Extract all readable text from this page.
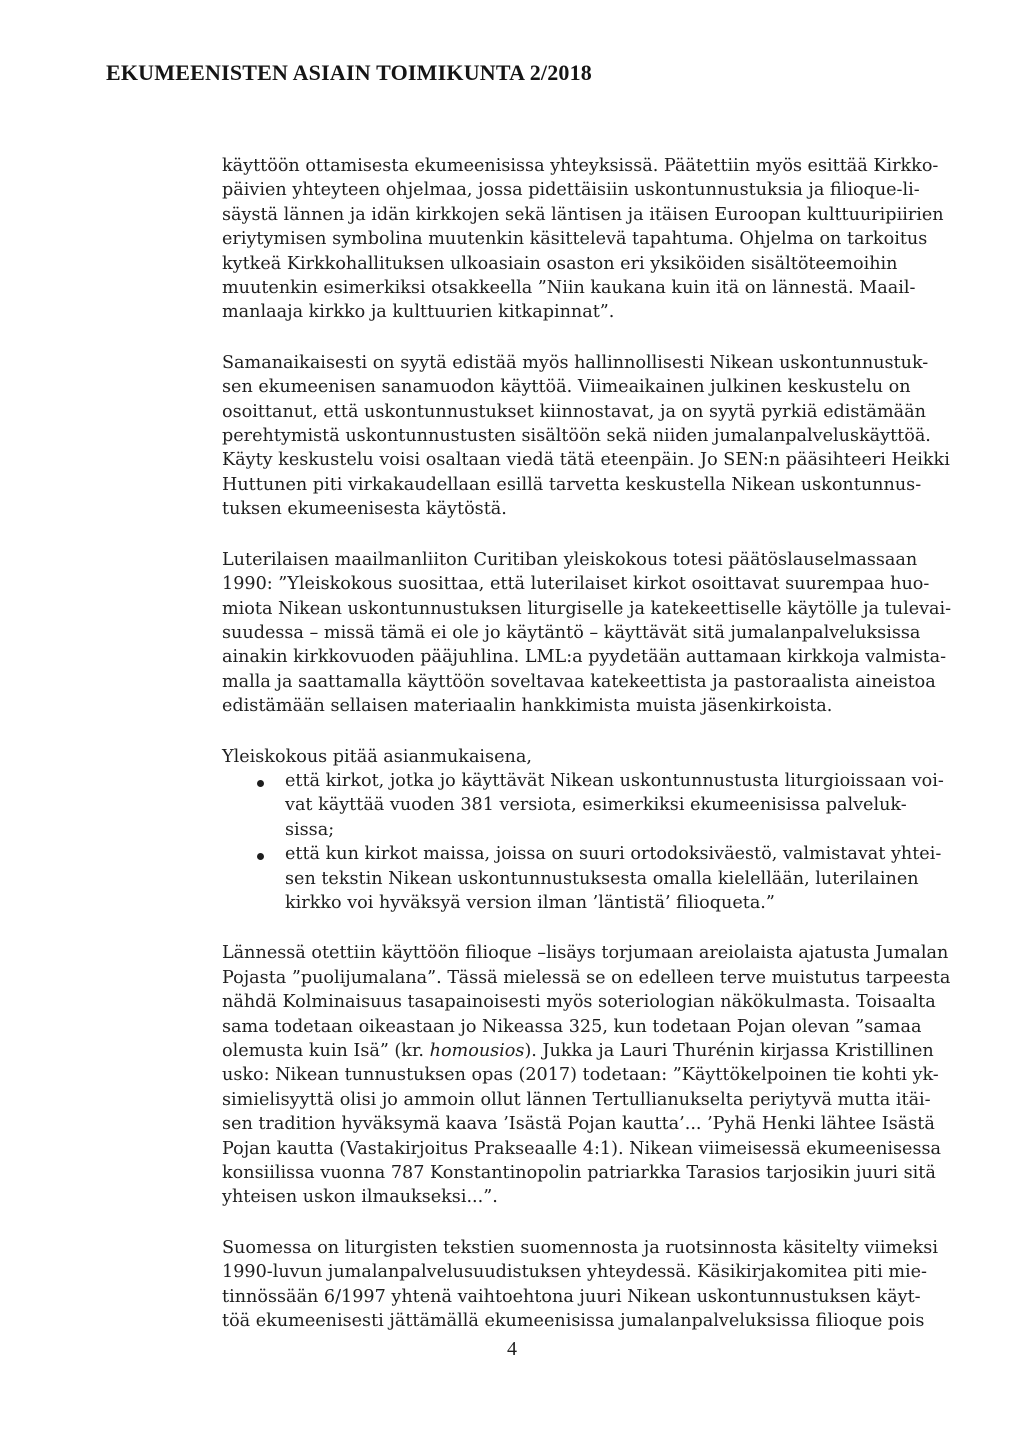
EKUMEENISTEN ASIAIN TOIMIKUNTA 2/2018
käyttöön ottamisesta ekumeenisissa yhteyksissä. Päätettiin myös esittää Kirkko-
päivien yhteyteen ohjelmaa, jossa pidettäisiin uskontunnustuksia ja filioque-li-
säystä lännen ja idän kirkkojen sekä läntisen ja itäisen Euroopan kulttuuripiirien
eriytymisen symbolina muutenkin käsittelevä tapahtuma. Ohjelma on tarkoitus
kytkeä Kirkkohallituksen ulkoasiain osaston eri yksiköiden sisältöteemoihin
muutenkin esimerkiksi otsakkeella ”Niin kaukana kuin itä on lännestä. Maail-
manlaaja kirkko ja kulttuurien kitkapinnat”.
Samanaikaisesti on syytä edistää myös hallinnollisesti Nikean uskontunnustuk-
sen ekumeenisen sanamuodon käyttöä. Viimeaikainen julkinen keskustelu on
osoittanut, että uskontunnustukset kiinnostavat, ja on syytä pyrkiä edistämään
perehtymistä uskontunnustusten sisältöön sekä niiden jumalanpalveluskäyttöä.
Käyty keskustelu voisi osaltaan viedä tätä eteenpäin. Jo SEN:n pääsihteeri Heikki
Huttunen piti virkakaudellaan esillä tarvetta keskustella Nikean uskontunnus-
tuksen ekumeenisesta käytöstä.
Luterilaisen maailmanliiton Curitiban yleiskokous totesi päätöslauselmassaan
1990: ”Yleiskokous suosittaa, että luterilaiset kirkot osoittavat suurempaa huo-
miota Nikean uskontunnustuksen liturgiselle ja katekeettiselle käytölle ja tulevai-
suudessa – missä tämä ei ole jo käytäntö – käyttävät sitä jumalanpalveluksissa
ainakin kirkkovuoden pääjuhlina. LML:a pyydetään auttamaan kirkkoja valmista-
malla ja saattamalla käyttöön soveltavaa katekeettista ja pastoraalista aineistoa
edistämään sellaisen materiaalin hankkimista muista jäsenkirkoista.
Yleiskokous pitää asianmukaisena,
että kirkot, jotka jo käyttävät Nikean uskontunnustusta liturgioissaan voi-
vat käyttää vuoden 381 versiota, esimerkiksi ekumeenisissa palveluk-
sissa;
että kun kirkot maissa, joissa on suuri ortodoksiväestö, valmistavat yhtei-
sen tekstin Nikean uskontunnustuksesta omalla kielellään, luterilainen
kirkko voi hyväksyä version ilman ’läntistä’ filioqueta.”
Lännessä otettiin käyttöön filioque –lisäys torjumaan areiolaista ajatusta Jumalan
Pojasta ”puolijumalana”. Tässä mielessä se on edelleen terve muistutus tarpeesta
nähdä Kolminaisuus tasapainoisesti myös soteriologian näkökulmasta. Toisaalta
sama todetaan oikeastaan jo Nikeassa 325, kun todetaan Pojan olevan ”samaa
olemusta kuin Isä” (kr. homousios). Jukka ja Lauri Thurénin kirjassa Kristillinen
usko: Nikean tunnustuksen opas (2017) todetaan: ”Käyttökelpoinen tie kohti yk-
simielisyyttä olisi jo ammoin ollut lännen Tertullianukselta periytyvä mutta itäi-
sen tradition hyväksymä kaava ’Isästä Pojan kautta’... ’Pyhä Henki lähtee Isästä
Pojan kautta (Vastakirjoitus Prakseaalle 4:1). Nikean viimeisessä ekumeenisessa
konsiilissa vuonna 787 Konstantinopolin patriarkka Tarasios tarjosikin juuri sitä
yhteisen uskon ilmaukseksi...”.
Suomessa on liturgisten tekstien suomennosta ja ruotsinnosta käsitelty viimeksi
1990-luvun jumalanpalvelusuudistuksen yhteydessä. Käsikirjakomitea piti mie-
tinnössään 6/1997 yhtenä vaihtoehtona juuri Nikean uskontunnustuksen käyt-
töä ekumeenisesti jättämällä ekumeenisissa jumalanpalveluksissa filioque pois
4
